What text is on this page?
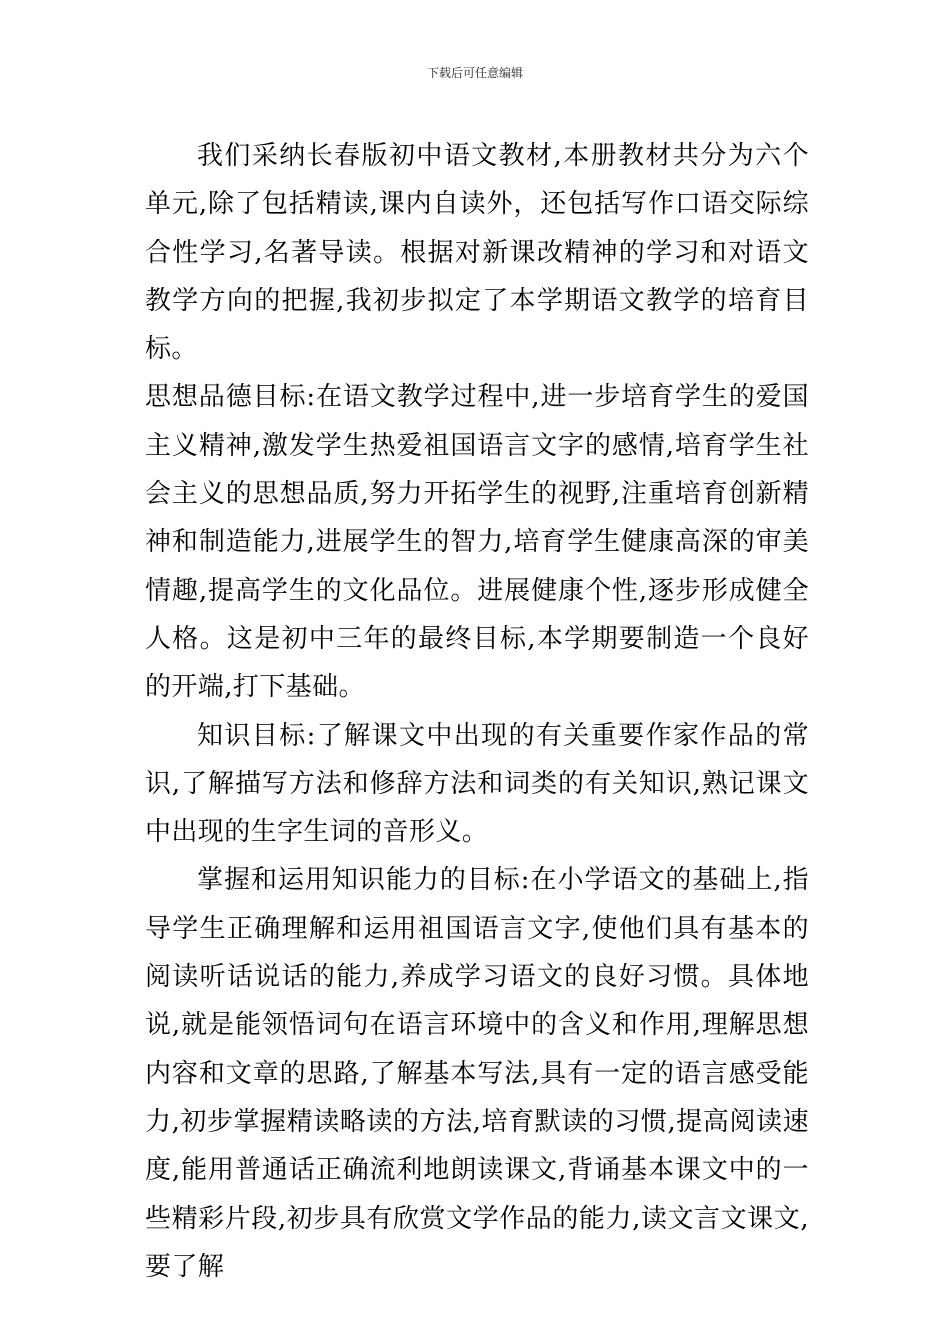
下载后可任意编辑

我们采纳长春版初中语文教材,本册教材共分为六个单元,除了包括精读,课内自读外，还包括写作口语交际综合性学习,名著导读。根据对新课改精神的学习和对语文教学方向的把握,我初步拟定了本学期语文教学的培育目标。

思想品德目标:在语文教学过程中,进一步培育学生的爱国主义精神,激发学生热爱祖国语言文字的感情,培育学生社会主义的思想品质,努力开拓学生的视野,注重培育创新精神和制造能力,进展学生的智力,培育学生健康高深的审美情趣,提高学生的文化品位。进展健康个性,逐步形成健全人格。这是初中三年的最终目标,本学期要制造一个良好的开端,打下基础。

知识目标:了解课文中出现的有关重要作家作品的常识,了解描写方法和修辞方法和词类的有关知识,熟记课文中出现的生字生词的音形义。

掌握和运用知识能力的目标:在小学语文的基础上,指导学生正确理解和运用祖国语言文字,使他们具有基本的阅读听话说话的能力,养成学习语文的良好习惯。具体地说,就是能领悟词句在语言环境中的含义和作用,理解思想内容和文章的思路,了解基本写法,具有一定的语言感受能力,初步掌握精读略读的方法,培育默读的习惯,提高阅读速度,能用普通话正确流利地朗读课文,背诵基本课文中的一些精彩片段,初步具有欣赏文学作品的能力,读文言文课文,要了解
